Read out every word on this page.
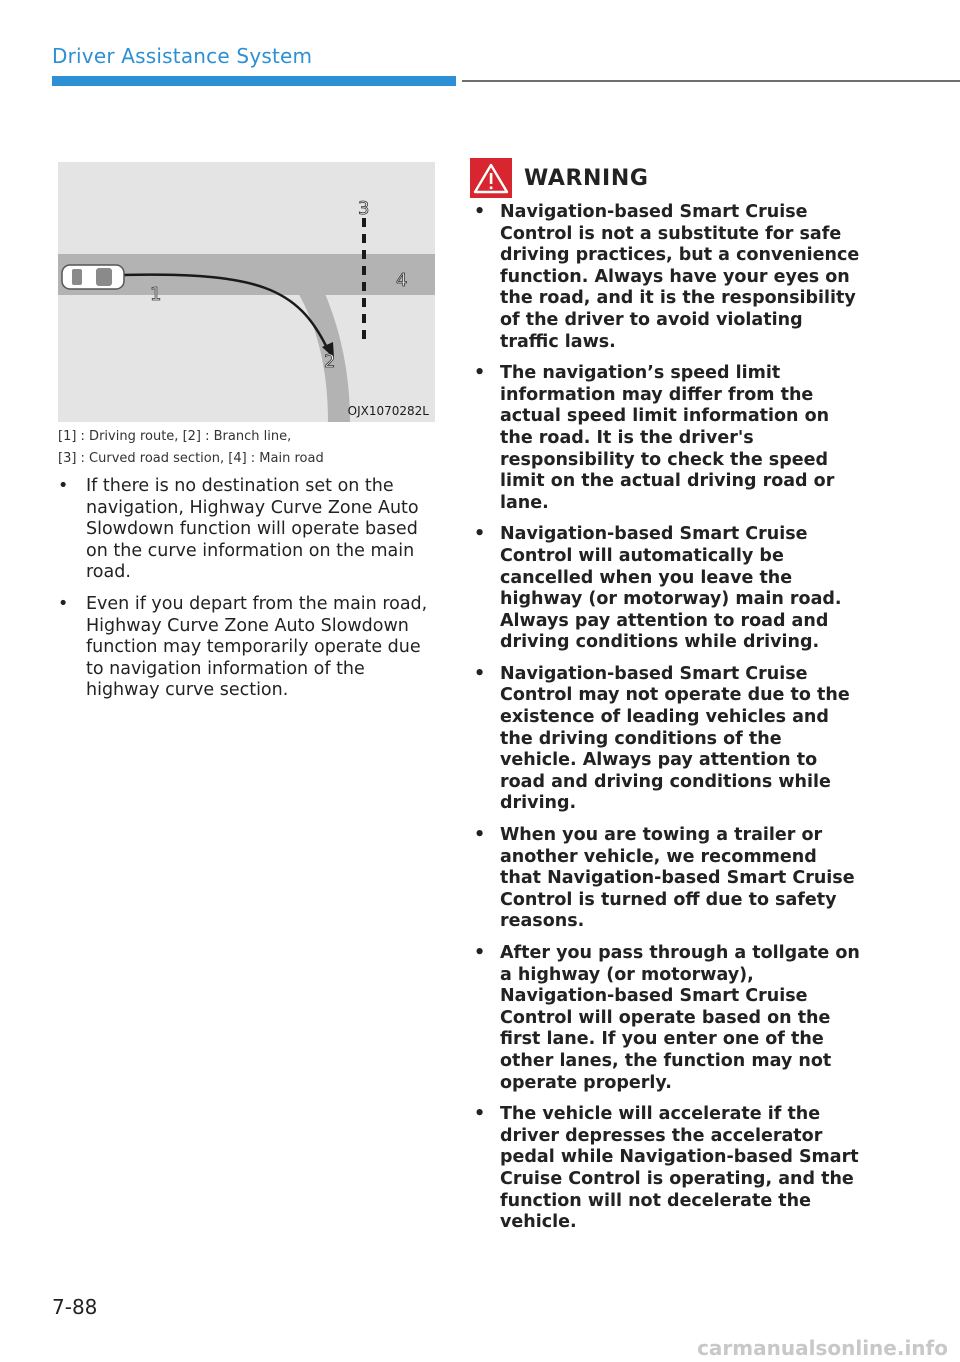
Driver Assistance System
1
2
3
4
OJX1070282L
[1] : Driving route, [2] : Branch line,
[3] : Curved road section, [4] : Main road
• If there is no destination set on the navigation, Highway Curve Zone Auto Slowdown function will operate based on the curve information on the main road.
• Even if you depart from the main road, Highway Curve Zone Auto Slowdown function may temporarily operate due to navigation information of the highway curve section.
WARNING
• Navigation-based Smart Cruise Control is not a substitute for safe driving practices, but a convenience function. Always have your eyes on the road, and it is the responsibility of the driver to avoid violating traffic laws.
• The navigation’s speed limit information may differ from the actual speed limit information on the road. It is the driver's responsibility to check the speed limit on the actual driving road or lane.
• Navigation-based Smart Cruise Control will automatically be cancelled when you leave the highway (or motorway) main road. Always pay attention to road and driving conditions while driving.
• Navigation-based Smart Cruise Control may not operate due to the existence of leading vehicles and the driving conditions of the vehicle. Always pay attention to road and driving conditions while driving.
• When you are towing a trailer or another vehicle, we recommend that Navigation-based Smart Cruise Control is turned off due to safety reasons.
• After you pass through a tollgate on a highway (or motorway), Navigation-based Smart Cruise Control will operate based on the first lane. If you enter one of the other lanes, the function may not operate properly.
• The vehicle will accelerate if the driver depresses the accelerator pedal while Navigation-based Smart Cruise Control is operating, and the function will not decelerate the vehicle.
7-88
carmanualsonline.info
